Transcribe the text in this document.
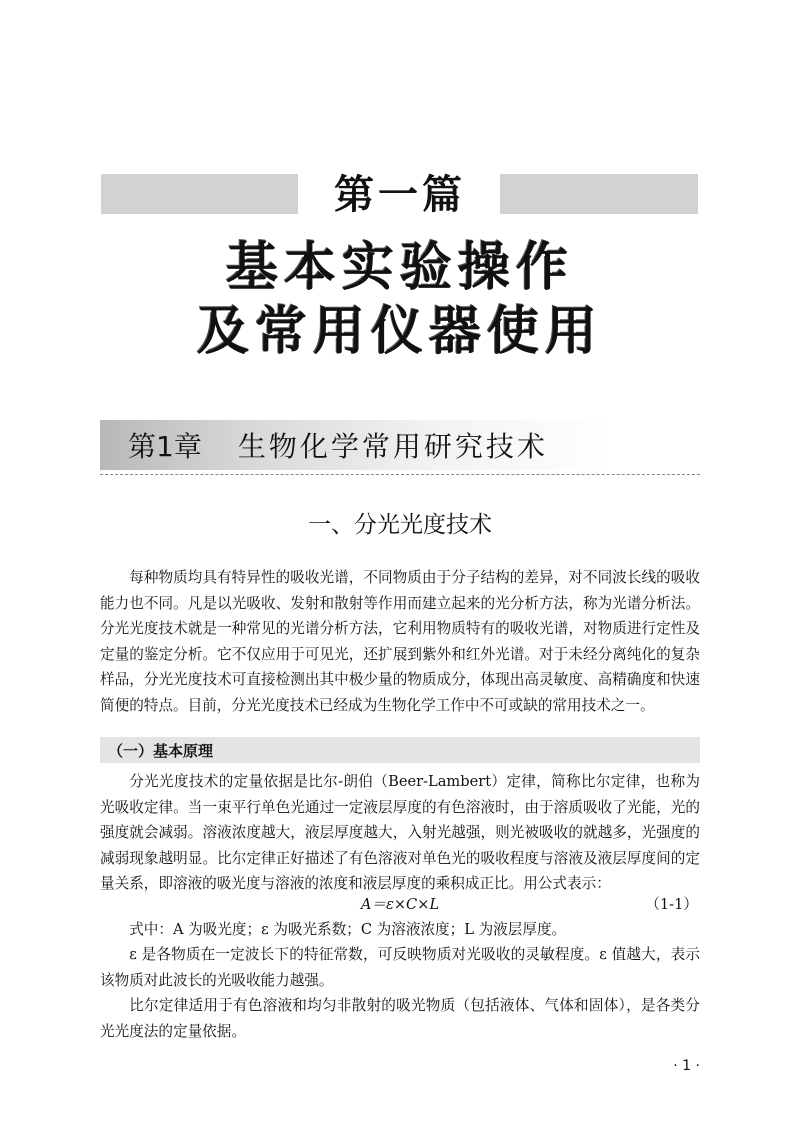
第一篇
基本实验操作
及常用仪器使用
第1章 生物化学常用研究技术
一、分光光度技术

每种物质均具有特异性的吸收光谱，不同物质由于分子结构的差异，对不同波长线的吸收能力也不同。凡是以光吸收、发射和散射等作用而建立起来的光分析方法，称为光谱分析法。分光光度技术就是一种常见的光谱分析方法，它利用物质特有的吸收光谱，对物质进行定性及定量的鉴定分析。它不仅应用于可见光，还扩展到紫外和红外光谱。对于未经分离纯化的复杂样品，分光光度技术可直接检测出其中极少量的物质成分，体现出高灵敏度、高精确度和快速简便的特点。目前，分光光度技术已经成为生物化学工作中不可或缺的常用技术之一。

（一）基本原理

分光光度技术的定量依据是比尔-朗伯（Beer-Lambert）定律，简称比尔定律，也称为光吸收定律。当一束平行单色光通过一定液层厚度的有色溶液时，由于溶质吸收了光能，光的强度就会减弱。溶液浓度越大，液层厚度越大，入射光越强，则光被吸收的就越多，光强度的减弱现象越明显。比尔定律正好描述了有色溶液对单色光的吸收程度与溶液及液层厚度间的定量关系，即溶液的吸光度与溶液的浓度和液层厚度的乘积成正比。用公式表示：

A＝ε×C×L	（1-1）

式中：A 为吸光度；ε 为吸光系数；C 为溶液浓度；L 为液层厚度。

ε 是各物质在一定波长下的特征常数，可反映物质对光吸收的灵敏程度。ε 值越大，表示该物质对此波长的光吸收能力越强。

比尔定律适用于有色溶液和均匀非散射的吸光物质（包括液体、气体和固体），是各类分光光度法的定量依据。

· 1 ·
